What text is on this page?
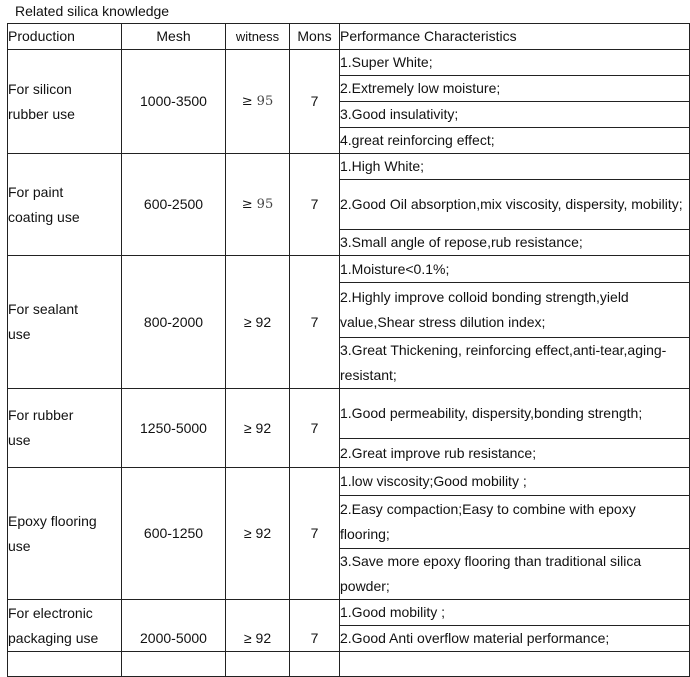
Related silica knowledge
Production	Mesh	witness	Mons	Performance Characteristics

For silicon
rubber use	1000-3500	≥ 95	7	1.Super White;
				2.Extremely low moisture;
				3.Good insulativity;
				4.great reinforcing effect;

For paint
coating use	600-2500	≥ 95	7	1.High White;
				2.Good Oil absorption,mix viscosity, dispersity, mobility;
				3.Small angle of repose,rub resistance;

For sealant
use	800-2000	≥ 92	7	1.Moisture<0.1%;
				2.Highly improve colloid bonding strength,yield value,Shear stress dilution index;
				3.Great Thickening, reinforcing effect,anti-tear,aging-resistant;

For rubber
use	1250-5000	≥ 92	7	1.Good permeability, dispersity,bonding strength;
				2.Great improve rub resistance;

Epoxy flooring
use	600-1250	≥ 92	7	1.low viscosity;Good mobility ;
				2.Easy compaction;Easy to combine with epoxy flooring;
				3.Save more epoxy flooring than traditional silica powder;

For electronic
packaging use	2000-5000	≥ 92	7	1.Good mobility ;
				2.Good Anti overflow material performance;
